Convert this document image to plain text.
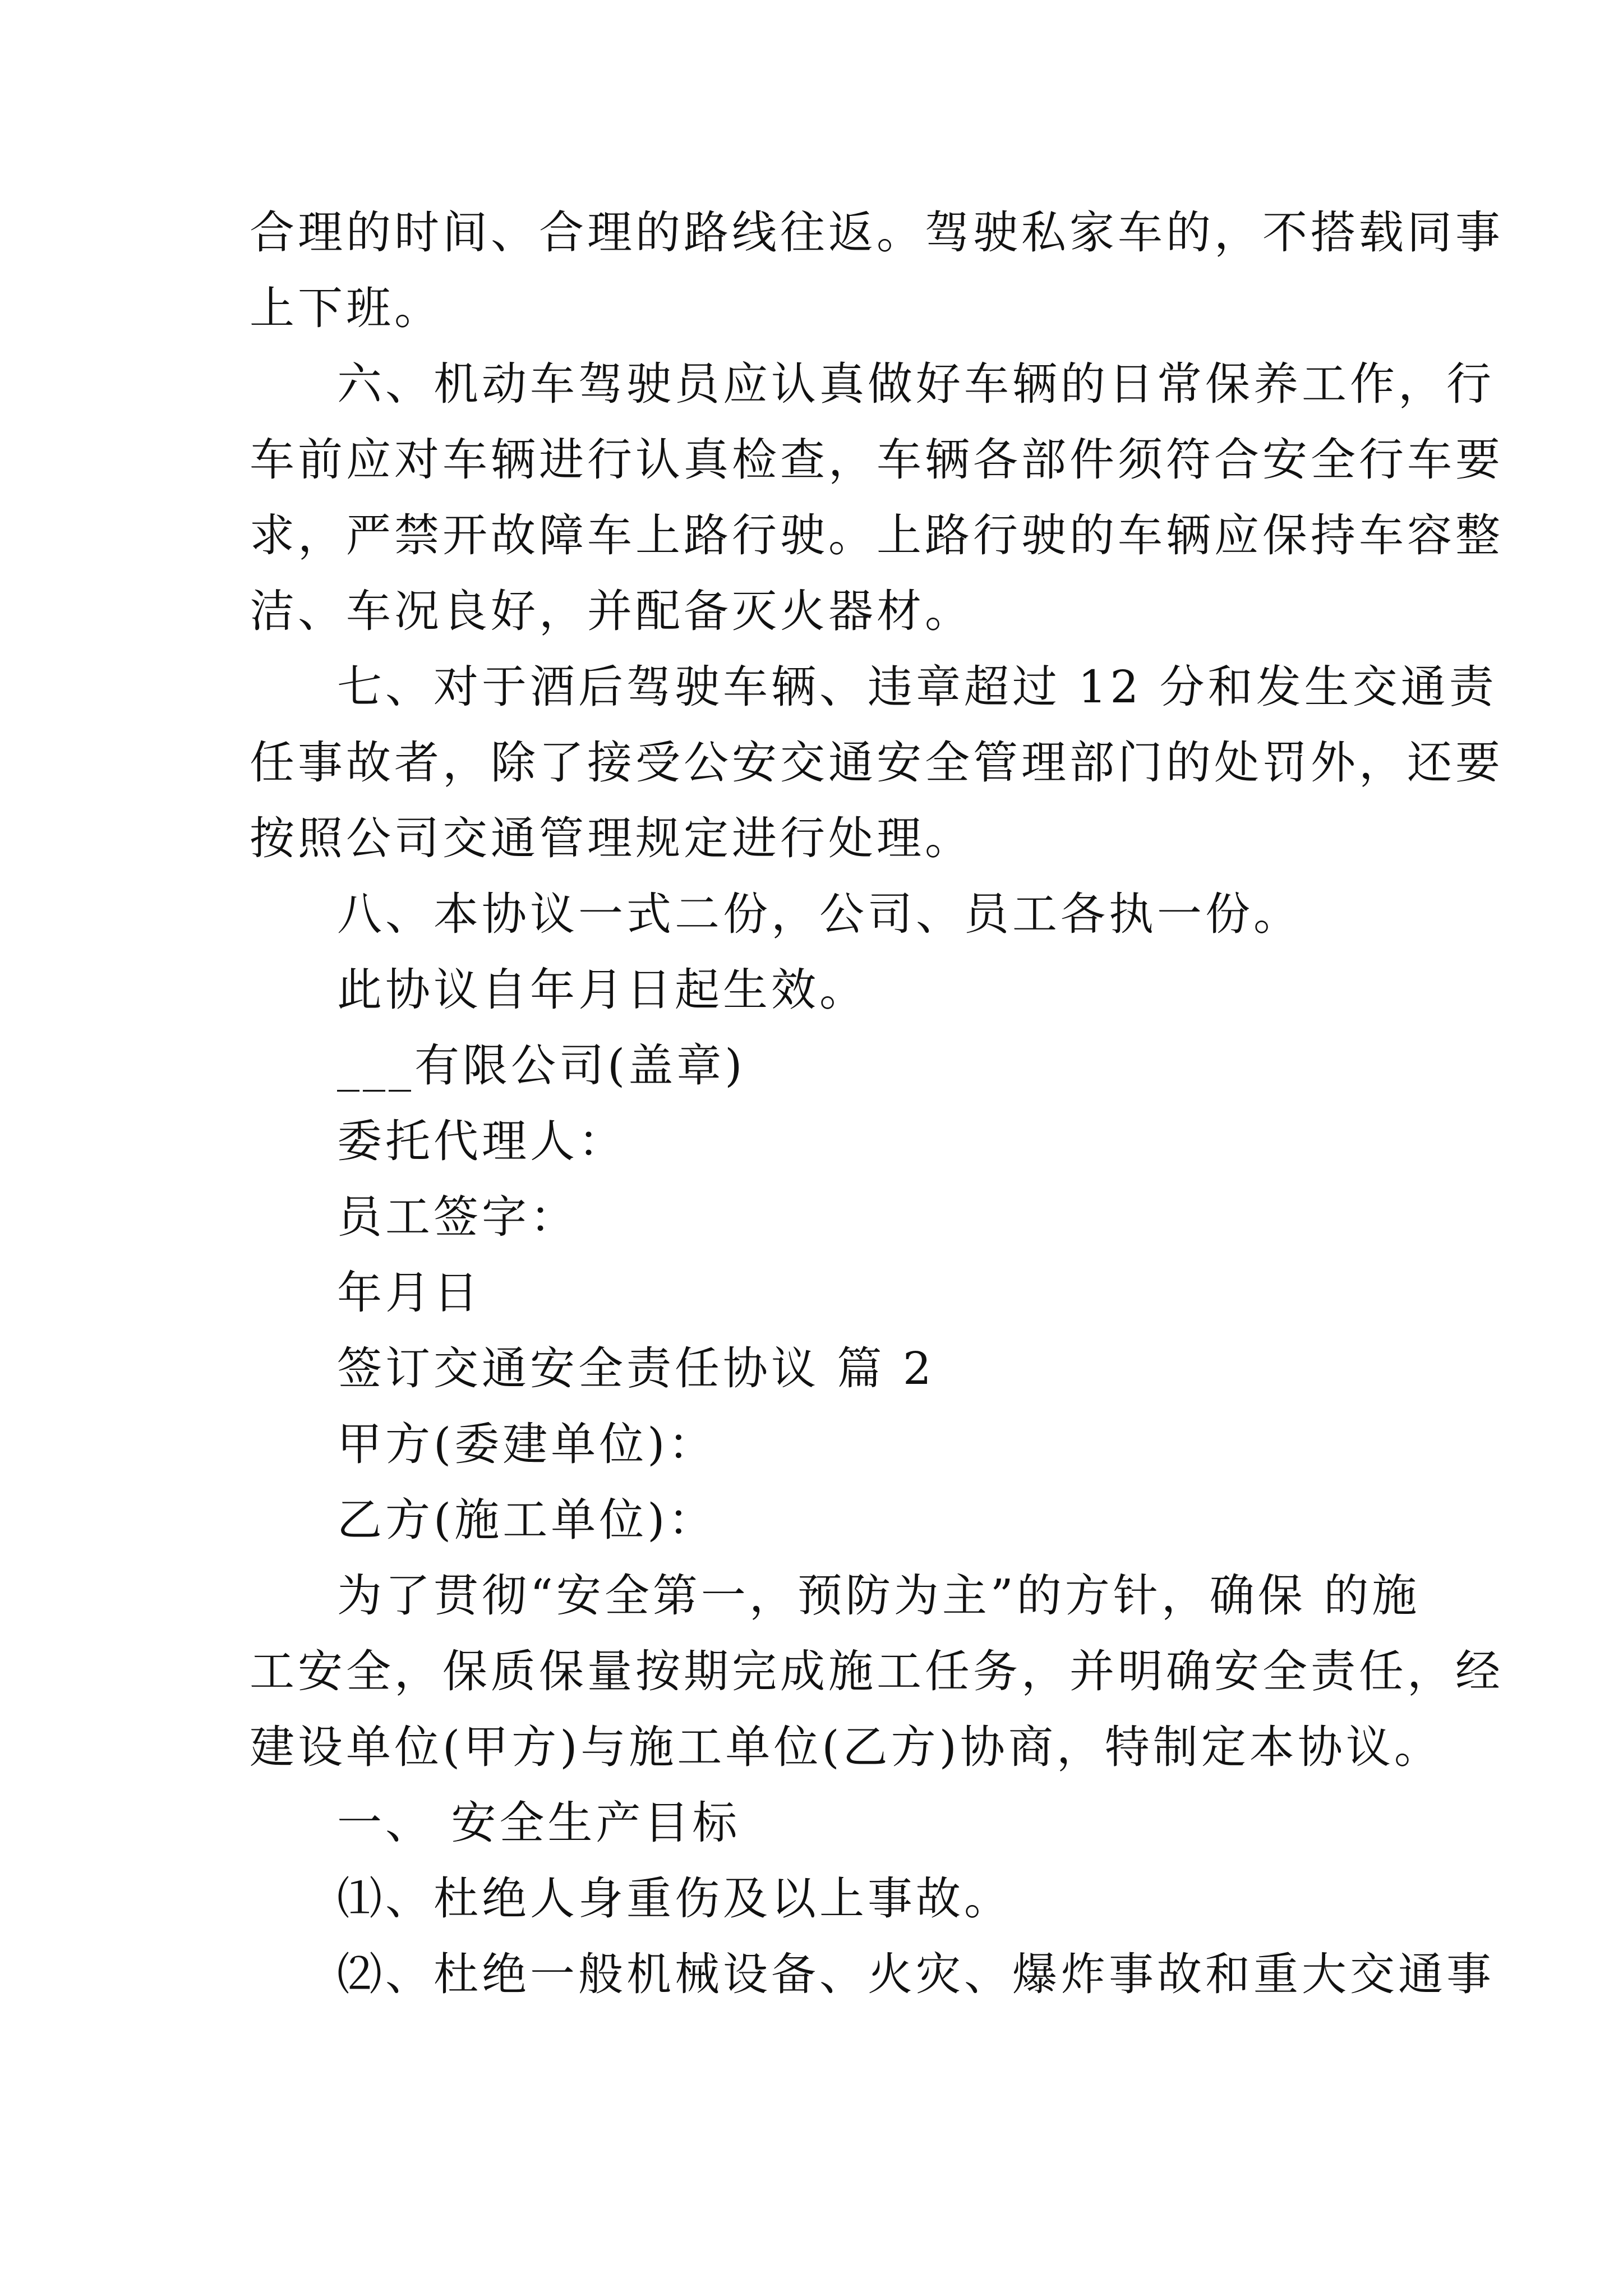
合理的时间、合理的路线往返。驾驶私家车的，不搭载同事
上下班。
六、机动车驾驶员应认真做好车辆的日常保养工作，行
车前应对车辆进行认真检查，车辆各部件须符合安全行车要
求，严禁开故障车上路行驶。上路行驶的车辆应保持车容整
洁、车况良好，并配备灭火器材。
七、对于酒后驾驶车辆、违章超过 12 分和发生交通责
任事故者，除了接受公安交通安全管理部门的处罚外，还要
按照公司交通管理规定进行处理。
八、本协议一式二份，公司、员工各执一份。
此协议自年月日起生效。
___有限公司(盖章)
委托代理人：
员工签字：
年月日
签订交通安全责任协议 篇 2
甲方(委建单位)：
乙方(施工单位)：
为了贯彻“安全第一，预防为主”的方针，确保 的施
工安全，保质保量按期完成施工任务，并明确安全责任，经
建设单位(甲方)与施工单位(乙方)协商，特制定本协议。
一、 安全生产目标
⑴、杜绝人身重伤及以上事故。
⑵、杜绝一般机械设备、火灾、爆炸事故和重大交通事
